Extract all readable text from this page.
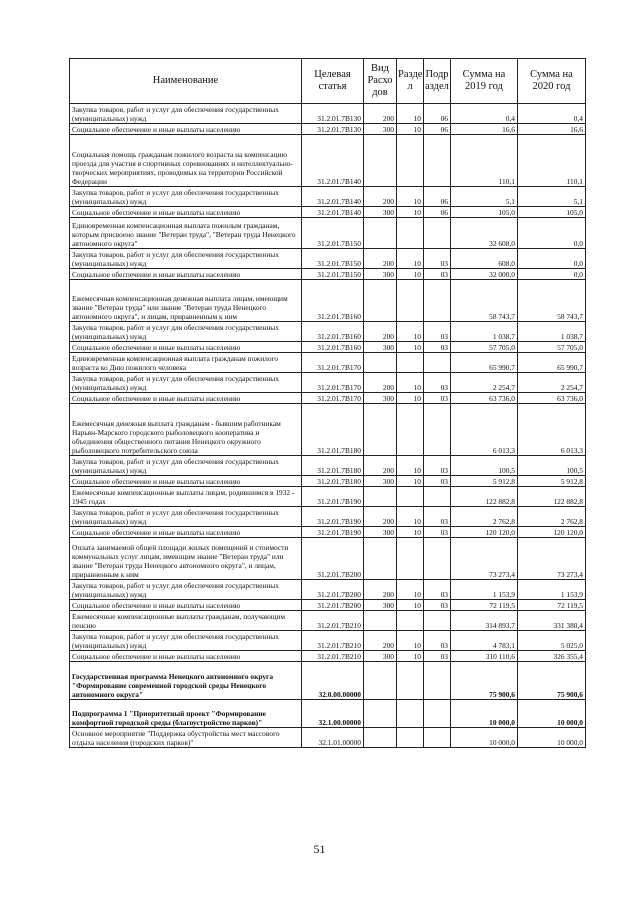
Наименование	Целевая статья	Вид Расхо дов	Разде л	Подр аздел	Сумма на 2019 год	Сумма на 2020 год
Закупка товаров, работ и услуг для обеспечения государственных (муниципальных) нужд	31.2.01.7В130	200	10	06	0,4	0,4
Социальное обеспечение и иные выплаты населению	31.2.01.7В130	300	10	06	16,6	16,6
Социальная помощь гражданам пожилого возраста на компенсацию проезда для участия в спортивных соревнованиях и интеллектуально-творческих мероприятиях, проводимых на территории Российской Федерации	31.2.01.7В140				110,1	110,1
Закупка товаров, работ и услуг для обеспечения государственных (муниципальных) нужд	31.2.01.7В140	200	10	06	5,1	5,1
Социальное обеспечение и иные выплаты населению	31.2.01.7В140	300	10	06	105,0	105,0
Единовременная компенсационная выплата пожилым гражданам, которым присвоено звание "Ветеран труда", "Ветеран труда Ненецкого автономного округа"	31.2.01.7В150				32 608,0	0,0
Закупка товаров, работ и услуг для обеспечения государственных (муниципальных) нужд	31.2.01.7В150	200	10	03	608,0	0,0
Социальное обеспечение и иные выплаты населению	31.2.01.7В150	300	10	03	32 000,0	0,0
Ежемесячная компенсационная денежная выплата лицам, имеющим звание "Ветеран труда" или звание "Ветеран труда Ненецкого автономного округа", и лицам, приравненным к ним	31.2.01.7В160				58 743,7	58 743,7
Закупка товаров, работ и услуг для обеспечения государственных (муниципальных) нужд	31.2.01.7В160	200	10	03	1 038,7	1 038,7
Социальное обеспечение и иные выплаты населению	31.2.01.7В160	300	10	03	57 705,0	57 705,0
Единовременная компенсационная выплата гражданам пожилого возраста ко Дню пожилого человека	31.2.01.7В170				65 990,7	65 990,7
Закупка товаров, работ и услуг для обеспечения государственных (муниципальных) нужд	31.2.01.7В170	200	10	03	2 254,7	2 254,7
Социальное обеспечение и иные выплаты населению	31.2.01.7В170	300	10	03	63 736,0	63 736,0
Ежемесячная денежная выплата гражданам - бывшим работникам Нарьян-Марского городского рыболовецкого кооператива и объединения общественного питания Ненецкого окружного рыболовецкого потребительского союза	31.2.01.7В180				6 013,3	6 013,3
Закупка товаров, работ и услуг для обеспечения государственных (муниципальных) нужд	31.2.01.7В180	200	10	03	100,5	100,5
Социальное обеспечение и иные выплаты населению	31.2.01.7В180	300	10	03	5 912,8	5 912,8
Ежемесячные компенсационные выплаты лицам, родившимся в 1932 - 1945 годах	31.2.01.7В190				122 882,8	122 882,8
Закупка товаров, работ и услуг для обеспечения государственных (муниципальных) нужд	31.2.01.7В190	200	10	03	2 762,8	2 762,8
Социальное обеспечение и иные выплаты населению	31.2.01.7В190	300	10	03	120 120,0	120 120,0
Оплата занимаемой общей площади жилых помещений и стоимости коммунальных услуг лицам, имеющим звание "Ветеран труда" или звание "Ветеран труда Ненецкого автономного округа", и лицам, приравненным к ним	31.2.01.7В200				73 273,4	73 273,4
Закупка товаров, работ и услуг для обеспечения государственных (муниципальных) нужд	31.2.01.7В200	200	10	03	1 153,9	1 153,9
Социальное обеспечение и иные выплаты населению	31.2.01.7В200	300	10	03	72 119,5	72 119,5
Ежемесячные компенсационные выплаты гражданам, получающим пенсию	31.2.01.7В210				314 893,7	331 380,4
Закупка товаров, работ и услуг для обеспечения государственных (муниципальных) нужд	31.2.01.7В210	200	10	03	4 783,1	5 025,0
Социальное обеспечение и иные выплаты населению	31.2.01.7В210	300	10	03	310 110,6	326 355,4
Государственная программа Ненецкого автономного округа "Формирование современной городской среды Ненецкого автономного округа"	32.0.00.00000				75 900,6	75 900,6
Подпрограмма 1 "Приоритетный проект "Формирование комфортной городской среды (благоустройство парков)"	32.1.00.00000				10 000,0	10 000,0
Основное мероприятие "Поддержка обустройства мест массового отдыха населения (городских парков)"	32.1.01.00000				10 000,0	10 000,0
51
